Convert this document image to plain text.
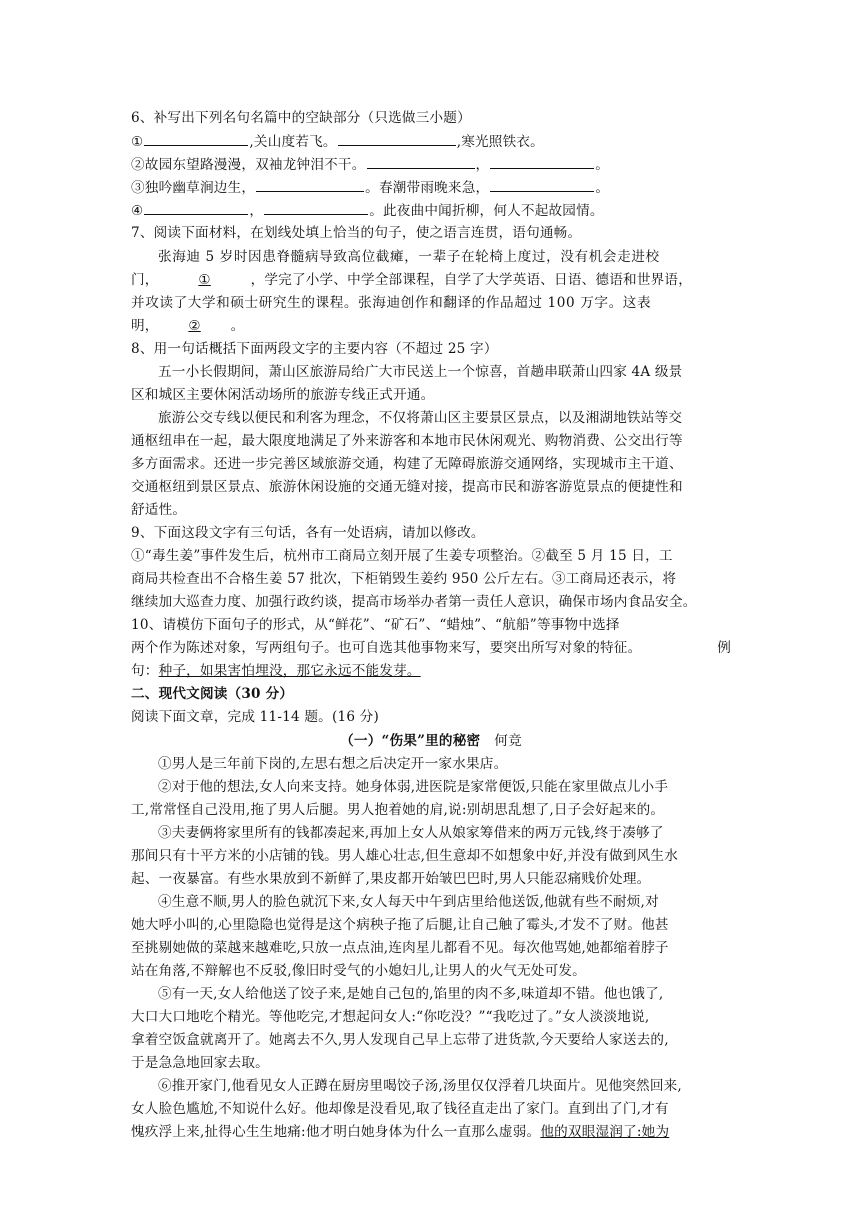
6、补写出下列名句名篇中的空缺部分（只选做三小题）
①	,关山度若飞。	,寒光照铁衣。
②故园东望路漫漫，双袖龙钟泪不干。	，	。
③独吟幽草涧边生，	。春潮带雨晚来急，	。
④	，	。此夜曲中闻折柳，何人不起故园情。
7、阅读下面材料，在划线处填上恰当的句子，使之语言连贯，语句通畅。
张海迪 5 岁时因患脊髓病导致高位截瘫，一辈子在轮椅上度过，没有机会走进校
门，	①	，学完了小学、中学全部课程，自学了大学英语、日语、德语和世界语，
并攻读了大学和硕士研究生的课程。张海迪创作和翻译的作品超过 100 万字。这表
明， ② 。
8、用一句话概括下面两段文字的主要内容（不超过 25 字）
五一小长假期间，萧山区旅游局给广大市民送上一个惊喜，首趟串联萧山四家 4A 级景
区和城区主要休闲活动场所的旅游专线正式开通。
旅游公交专线以便民和利客为理念，不仅将萧山区主要景区景点，以及湘湖地铁站等交
通枢纽串在一起，最大限度地满足了外来游客和本地市民休闲观光、购物消费、公交出行等
多方面需求。还进一步完善区域旅游交通，构建了无障碍旅游交通网络，实现城市主干道、
交通枢纽到景区景点、旅游休闲设施的交通无缝对接，提高市民和游客游览景点的便捷性和
舒适性。
9、下面这段文字有三句话，各有一处语病，请加以修改。
①“毒生姜”事件发生后，杭州市工商局立刻开展了生姜专项整治。②截至 5 月 15 日，工
商局共检查出不合格生姜 57 批次，下柜销毁生姜约 950 公斤左右。③工商局还表示，将
继续加大巡查力度、加强行政约谈，提高市场举办者第一责任人意识，确保市场内食品安全。
10、请模仿下面句子的形式，从“鲜花”、“矿石”、“蜡烛”、“航船”等事物中选择
两个作为陈述对象，写两组句子。也可自选其他事物来写，要突出所写对象的特征。	例
句：种子，如果害怕埋没，那它永远不能发芽。
二、现代文阅读（30 分）
阅读下面文章，完成 11-14 题。(16 分)
（一）“伤果”里的秘密 何竞
①男人是三年前下岗的,左思右想之后决定开一家水果店。
②对于他的想法,女人向来支持。她身体弱,进医院是家常便饭,只能在家里做点儿小手
工,常常怪自己没用,拖了男人后腿。男人抱着她的肩,说:别胡思乱想了,日子会好起来的。
③夫妻俩将家里所有的钱都凑起来,再加上女人从娘家筹借来的两万元钱,终于凑够了
那间只有十平方米的小店铺的钱。男人雄心壮志,但生意却不如想象中好,并没有做到风生水
起、一夜暴富。有些水果放到不新鲜了,果皮都开始皱巴巴时,男人只能忍痛贱价处理。
④生意不顺,男人的脸色就沉下来,女人每天中午到店里给他送饭,他就有些不耐烦,对
她大呼小叫的,心里隐隐也觉得是这个病秧子拖了后腿,让自己触了霉头,才发不了财。他甚
至挑剔她做的菜越来越难吃,只放一点点油,连肉星儿都看不见。每次他骂她,她都缩着脖子
站在角落,不辩解也不反驳,像旧时受气的小媳妇儿,让男人的火气无处可发。
⑤有一天,女人给他送了饺子来,是她自己包的,馅里的肉不多,味道却不错。他也饿了,
大口大口地吃个精光。等他吃完,才想起问女人:“你吃没？”“我吃过了。”女人淡淡地说,
拿着空饭盒就离开了。她离去不久,男人发现自己早上忘带了进货款,今天要给人家送去的,
于是急急地回家去取。
⑥推开家门,他看见女人正蹲在厨房里喝饺子汤,汤里仅仅浮着几块面片。见他突然回来,
女人脸色尴尬,不知说什么好。他却像是没看见,取了钱径直走出了家门。直到出了门,才有
愧疚浮上来,扯得心生生地痛:他才明白她身体为什么一直那么虚弱。他的双眼湿润了:她为
